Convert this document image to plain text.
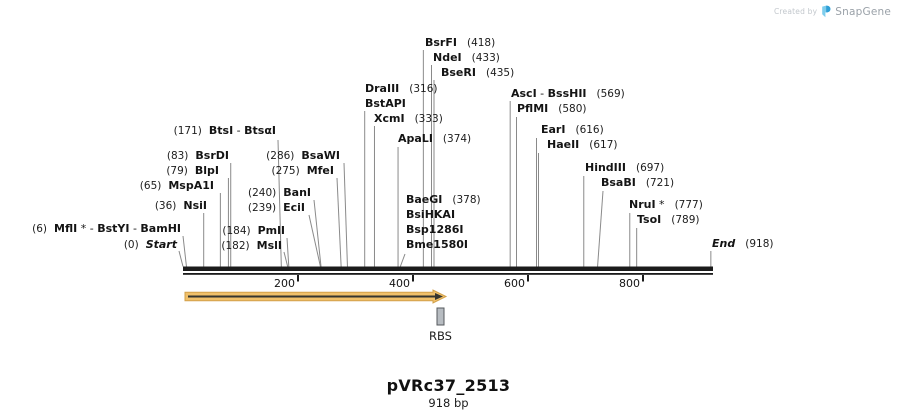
Created by SnapGene
200	400	600	800
(0) Start
(6) MflI * - BstYI - BamHI
(36) NsiI
(65) MspA1I
(79) BlpI
(83) BsrDI
(171) BtsI - BtsαI
(182) MslI
(184) PmlI
(239) EciI
(240) BanI
(275) MfeI
(286) BsaWI
DraIII (316)
BstAPI
XcmI (333)
ApaLI (374)
BaeGI (378)
BsiHKAI
Bsp1286I
Bme1580I
BsrFI (418)
NdeI (433)
BseRI (435)
AscI - BssHII (569)
PflMI (580)
EarI (616)
HaeII (617)
HindIII (697)
BsaBI (721)
NruI * (777)
TsoI (789)
End (918)
RBS
pVRc37_2513
918 bp
